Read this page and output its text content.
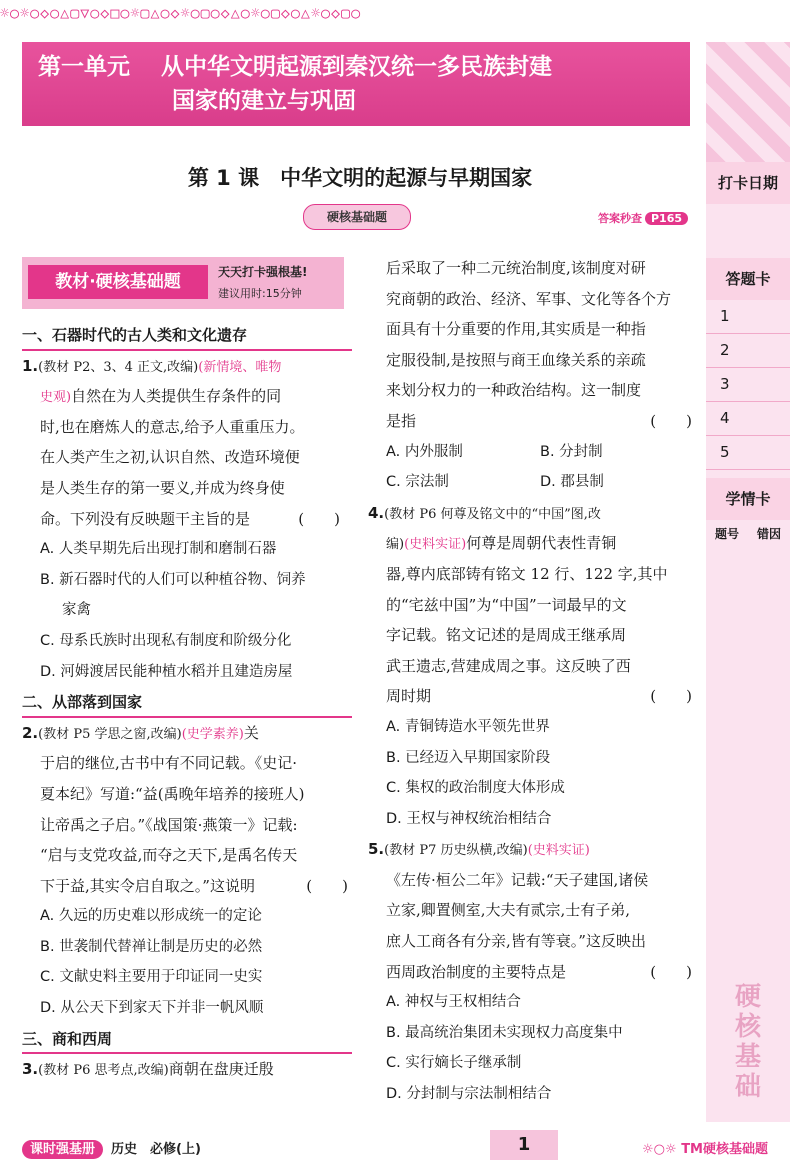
☼○☼○◇○△▢▽○◇□○☼▢△○◇☼○▢○◇△○☼○▢◇○△☼○◇▢○
第一单元　 从中华文明起源到秦汉统一多民族封建
国家的建立与巩固
打卡日期
答题卡
1
2
3
4
5
学情卡
题号	错因
硬核基础
第 1 课　中华文明的起源与早期国家
硬核基础题	答案秒查 P165
教材·硬核基础题	天天打卡强根基!
建议用时:15分钟
一、石器时代的古人类和文化遗存
1.(教材 P2、3、4 正文,改编)(新情境、唯物
史观)自然在为人类提供生存条件的同
时,也在磨炼人的意志,给予人重重压力。
在人类产生之初,认识自然、改造环境便
是人类生存的第一要义,并成为终身使
命。下列没有反映题干主旨的是	(　　)
A. 人类早期先后出现打制和磨制石器
B. 新石器时代的人们可以种植谷物、饲养
家禽
C. 母系氏族时出现私有制度和阶级分化
D. 河姆渡居民能种植水稻并且建造房屋
二、从部落到国家
2.(教材 P5 学思之窗,改编)(史学素养)关
于启的继位,古书中有不同记载。《史记·
夏本纪》写道:“益(禹晚年培养的接班人)
让帝禹之子启。”《战国策·燕策一》记载:
“启与支党攻益,而夺之天下,是禹名传天
下于益,其实令启自取之。”这说明	(　　)
A. 久远的历史难以形成统一的定论
B. 世袭制代替禅让制是历史的必然
C. 文献史料主要用于印证同一史实
D. 从公天下到家天下并非一帆风顺
三、商和西周
3.(教材 P6 思考点,改编)商朝在盘庚迁殷
后采取了一种二元统治制度,该制度对研
究商朝的政治、经济、军事、文化等各个方
面具有十分重要的作用,其实质是一种指
定服役制,是按照与商王血缘关系的亲疏
来划分权力的一种政治结构。这一制度
是指	(　　)
A. 内外服制	B. 分封制
C. 宗法制	D. 郡县制
4.(教材 P6 何尊及铭文中的“中国”图,改
编)(史料实证)何尊是周朝代表性青铜
器,尊内底部铸有铭文 12 行、122 字,其中
的“宅兹中国”为“中国”一词最早的文
字记载。铭文记述的是周成王继承周
武王遗志,营建成周之事。这反映了西
周时期	(　　)
A. 青铜铸造水平领先世界
B. 已经迈入早期国家阶段
C. 集权的政治制度大体形成
D. 王权与神权统治相结合
5.(教材 P7 历史纵横,改编)(史料实证)
《左传·桓公二年》记载:“天子建国,诸侯
立家,卿置侧室,大夫有贰宗,士有子弟,
庶人工商各有分亲,皆有等衰。”这反映出
西周政治制度的主要特点是	(　　)
A. 神权与王权相结合
B. 最高统治集团未实现权力高度集中
C. 实行嫡长子继承制
D. 分封制与宗法制相结合
课时强基册 历史　必修(上)	1	☼○☼ TM硬核基础题
